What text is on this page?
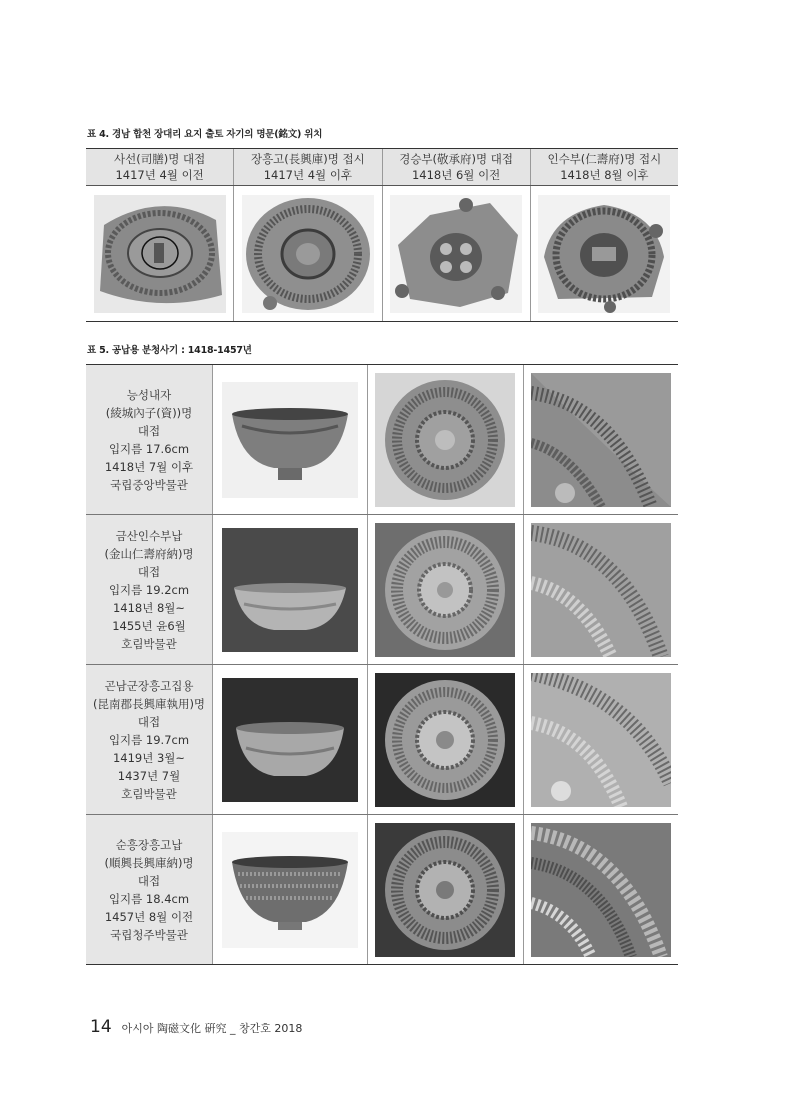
표 4. 경남 합천 장대리 요지 출토 자기의 명문(銘文) 위치
사선(司膳)명 대접
1417년 4월 이전
장흥고(長興庫)명 접시
1417년 4월 이후
경승부(敬承府)명 대접
1418년 6월 이전
인수부(仁壽府)명 접시
1418년 8월 이후
표 5. 공납용 분청사기 : 1418-1457년
능성내자
(綾城內子(資))명
대접
입지름 17.6cm
1418년 7월 이후
국립중앙박물관
금산인수부납
(金山仁壽府納)명
대접
입지름 19.2cm
1418년 8월~
1455년 윤6월
호림박물관
곤남군장흥고집용
(昆南郡長興庫執用)명
대접
입지름 19.7cm
1419년 3월~
1437년 7월
호림박물관
순흥장흥고납
(順興長興庫納)명
대접
입지름 18.4cm
1457년 8월 이전
국립청주박물관
14 아시아 陶磁文化 硏究 _ 창간호 2018
